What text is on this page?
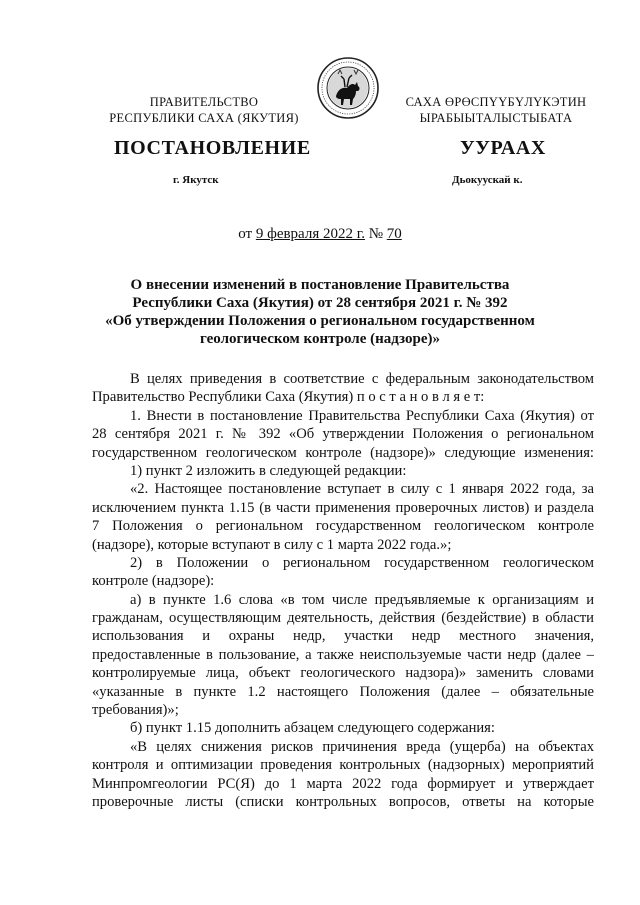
ПРАВИТЕЛЬСТВО
РЕСПУБЛИКИ САХА (ЯКУТИЯ)
САХА ӨРӨСПҮҮБҮЛҮКЭТИН
ЫРАБЫЫТАЛЫСТЫБАТА
ПОСТАНОВЛЕНИЕ	УУРААХ
г. Якутск	Дьокуускай к.
от 9 февраля 2022 г. № 70
О внесении изменений в постановление Правительства
Республики Саха (Якутия) от 28 сентября 2021 г. № 392
«Об утверждении Положения о региональном государственном
геологическом контроле (надзоре)»
В целях приведения в соответствие с федеральным законодательством
Правительство Республики Саха (Якутия) п о с т а н о в л я е т:
1. Внести в постановление Правительства Республики Саха (Якутия) от
28 сентября 2021 г. № 392 «Об утверждении Положения о региональном
государственном геологическом контроле (надзоре)» следующие изменения:
1) пункт 2 изложить в следующей редакции:
«2. Настоящее постановление вступает в силу с 1 января 2022 года, за
исключением пункта 1.15 (в части применения проверочных листов) и раздела
7 Положения о региональном государственном геологическом контроле
(надзоре), которые вступают в силу с 1 марта 2022 года.»;
2) в Положении о региональном государственном геологическом
контроле (надзоре):
а) в пункте 1.6 слова «в том числе предъявляемые к организациям и
гражданам, осуществляющим деятельность, действия (бездействие) в области
использования и охраны недр, участки недр местного значения,
предоставленные в пользование, а также неиспользуемые части недр (далее –
контролируемые лица, объект геологического надзора)» заменить словами
«указанные в пункте 1.2 настоящего Положения (далее – обязательные
требования)»;
б) пункт 1.15 дополнить абзацем следующего содержания:
«В целях снижения рисков причинения вреда (ущерба) на объектах
контроля и оптимизации проведения контрольных (надзорных) мероприятий
Минпромгеологии РС(Я) до 1 марта 2022 года формирует и утверждает
проверочные листы (списки контрольных вопросов, ответы на которые
